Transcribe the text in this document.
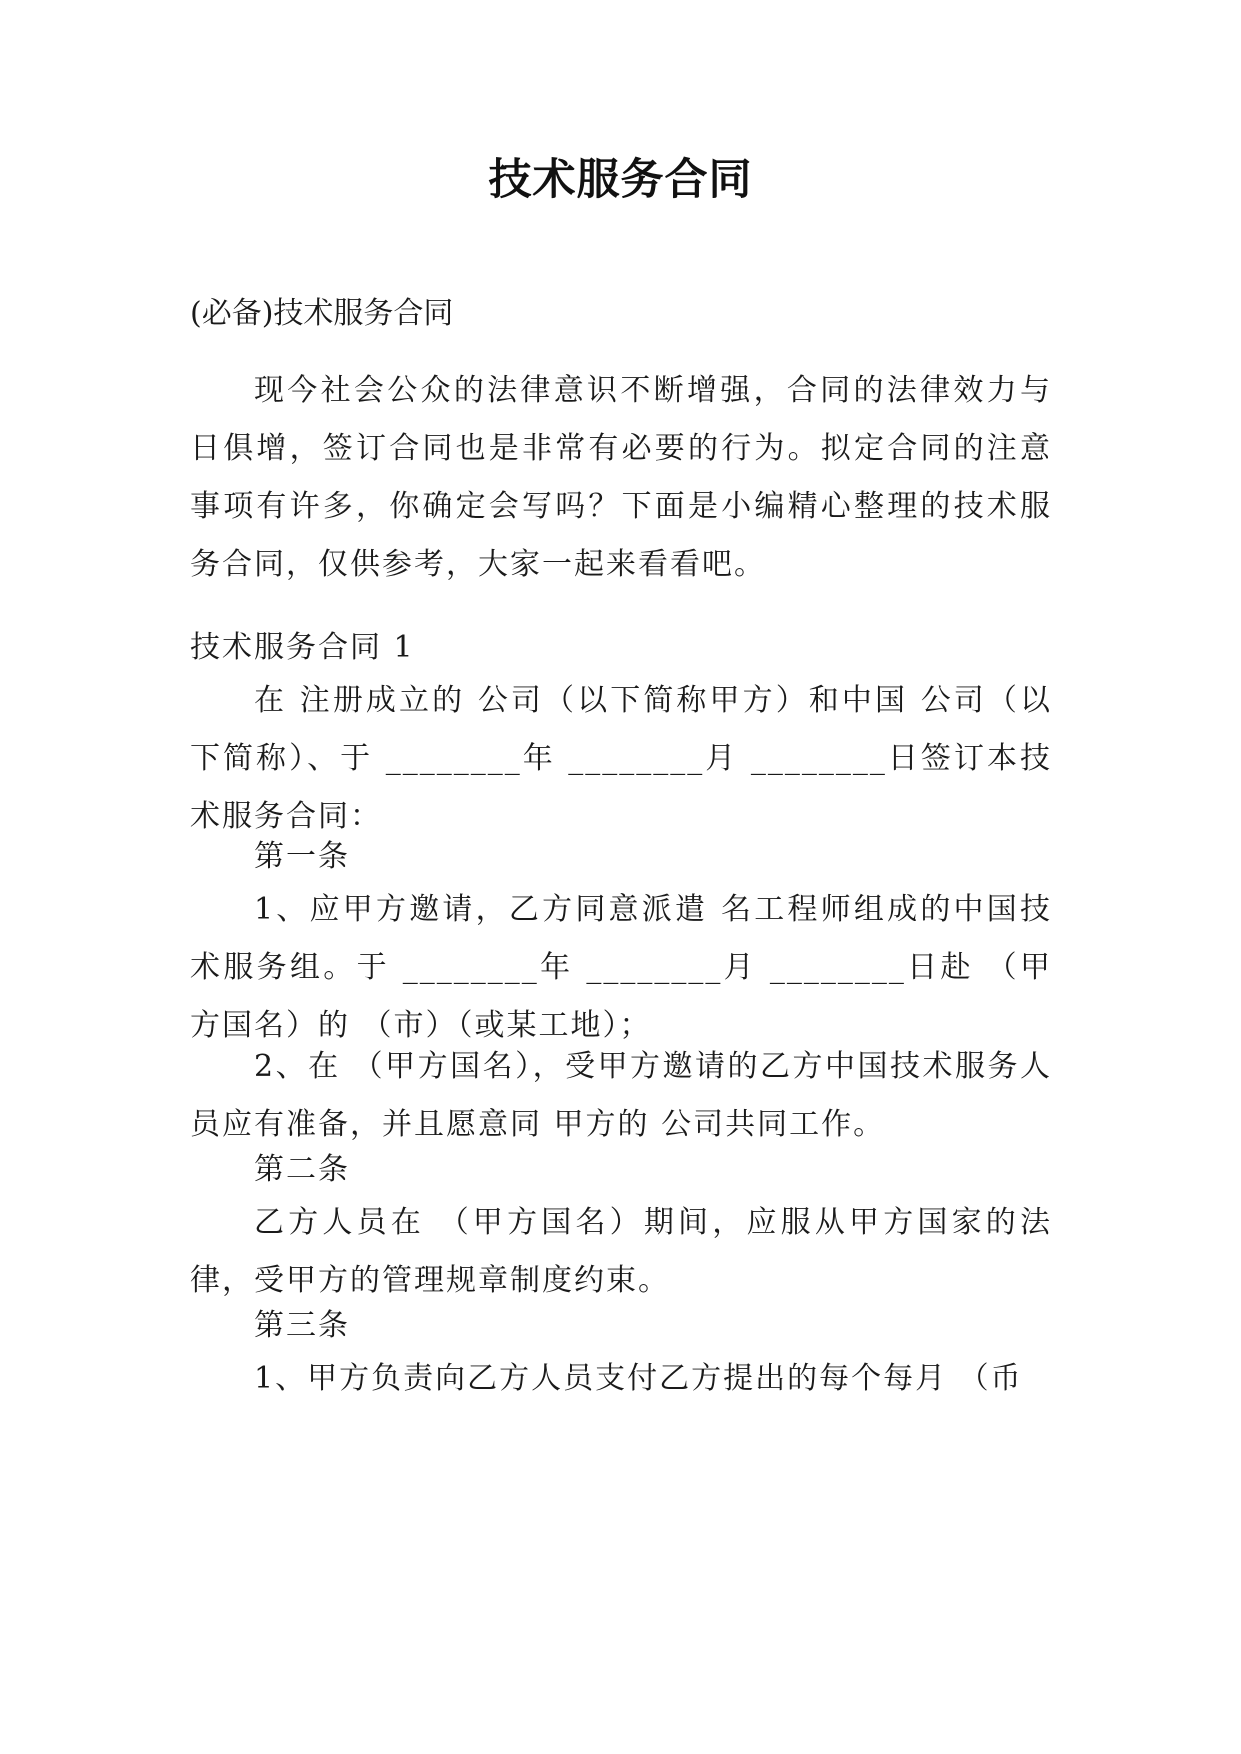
技术服务合同
(必备)技术服务合同
现今社会公众的法律意识不断增强，合同的法律效力与日俱增，签订合同也是非常有必要的行为。拟定合同的注意事项有许多，你确定会写吗？下面是小编精心整理的技术服务合同，仅供参考，大家一起来看看吧。
技术服务合同 1
在 注册成立的 公司（以下简称甲方）和中国 公司（以下简称）、于 ________年 ________月 ________日签订本技术服务合同：
第一条
1、应甲方邀请，乙方同意派遣 名工程师组成的中国技术服务组。于 ________年 ________月 ________日赴 （甲方国名）的 （市）（或某工地）；
2、在 （甲方国名），受甲方邀请的乙方中国技术服务人员应有准备，并且愿意同 甲方的 公司共同工作。
第二条
乙方人员在 （甲方国名）期间，应服从甲方国家的法律，受甲方的管理规章制度约束。
第三条
1、甲方负责向乙方人员支付乙方提出的每个每月 （币
